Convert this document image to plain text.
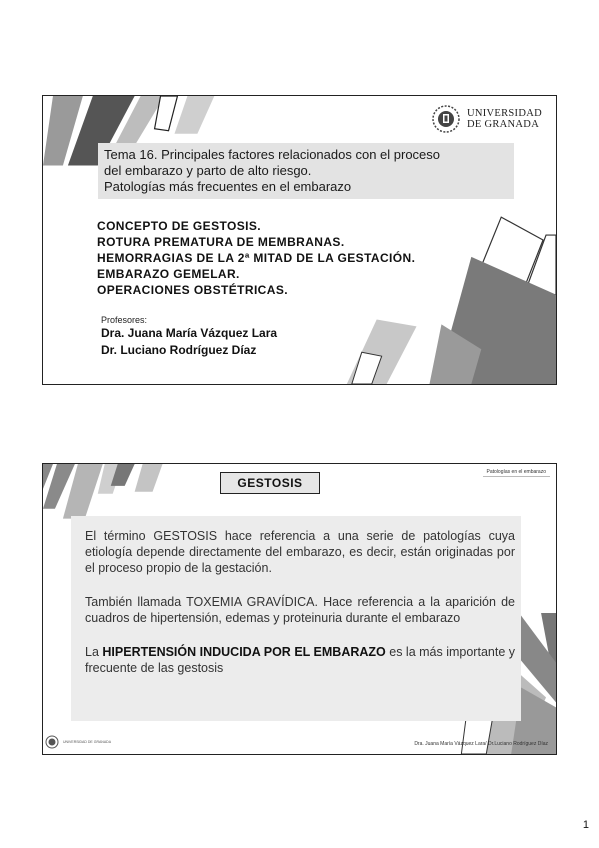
UNIVERSIDAD
DE GRANADA
Tema 16. Principales factores relacionados con el proceso
del embarazo y parto de alto riesgo.
Patologías más frecuentes en el embarazo
CONCEPTO DE GESTOSIS.
ROTURA PREMATURA DE MEMBRANAS.
HEMORRAGIAS DE LA 2ª MITAD DE LA GESTACIÓN.
EMBARAZO GEMELAR.
OPERACIONES OBSTÉTRICAS.
Profesores:
Dra. Juana María Vázquez Lara
Dr. Luciano Rodríguez Díaz
GESTOSIS
Patologías en el embarazo

El término GESTOSIS hace referencia a una serie de patologías cuya etiología depende directamente del embarazo, es decir, están originadas por el proceso propio de la gestación.

También llamada TOXEMIA GRAVÍDICA. Hace referencia a la aparición de cuadros de hipertensión, edemas y proteinuria durante el embarazo

La HIPERTENSIÓN INDUCIDA POR EL EMBARAZO es la más importante y frecuente de las gestosis

UNIVERSIDAD DE GRANADA	Dra. Juana María Vázquez Lara/ Dr.Luciano Rodríguez Díaz
1
